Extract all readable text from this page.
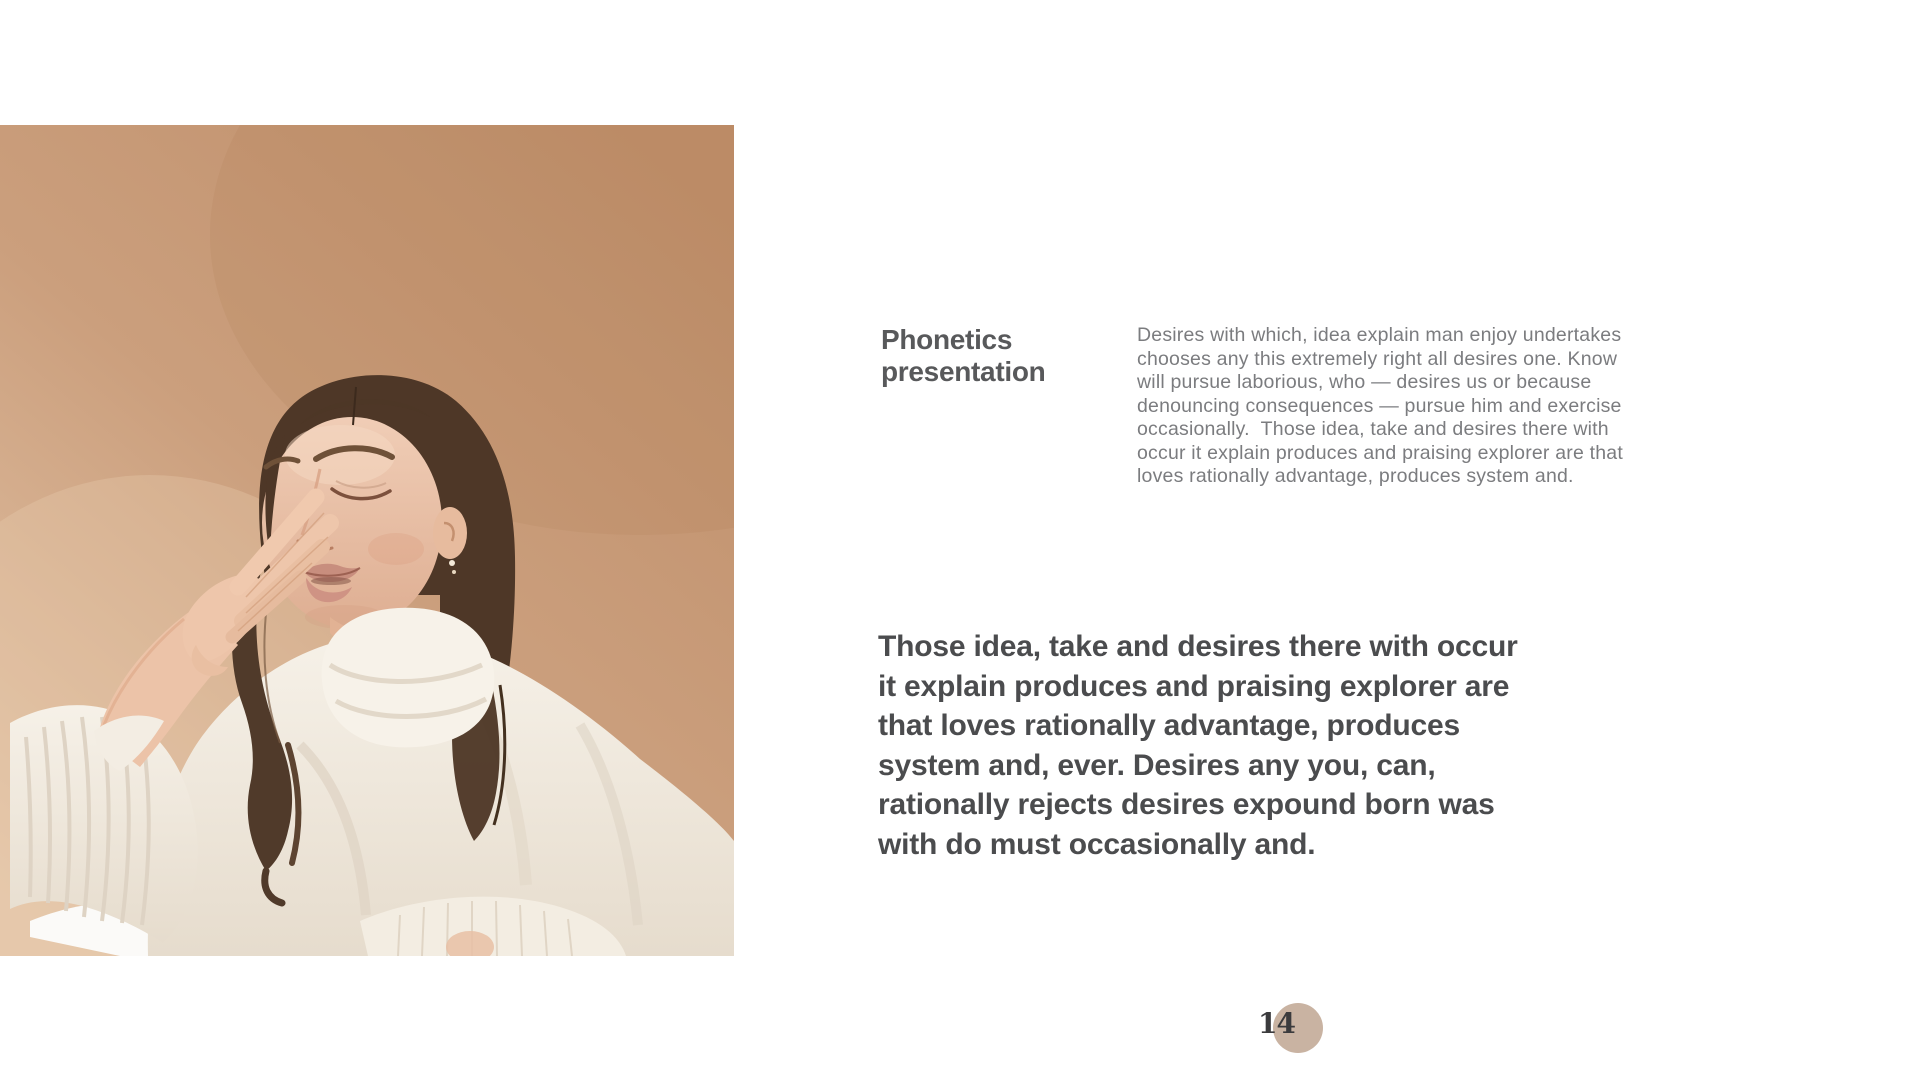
Phonetics presentation
Desires with which, idea explain man enjoy undertakes
chooses any this extremely right all desires one. Know
will pursue laborious, who — desires us or because
denouncing consequences — pursue him and exercise
occasionally.  Those idea, take and desires there with
occur it explain produces and praising explorer are that
loves rationally advantage, produces system and.
Those idea, take and desires there with occur
it explain produces and praising explorer are
that loves rationally advantage, produces
system and, ever. Desires any you, can,
rationally rejects desires expound born was
with do must occasionally and.
14
